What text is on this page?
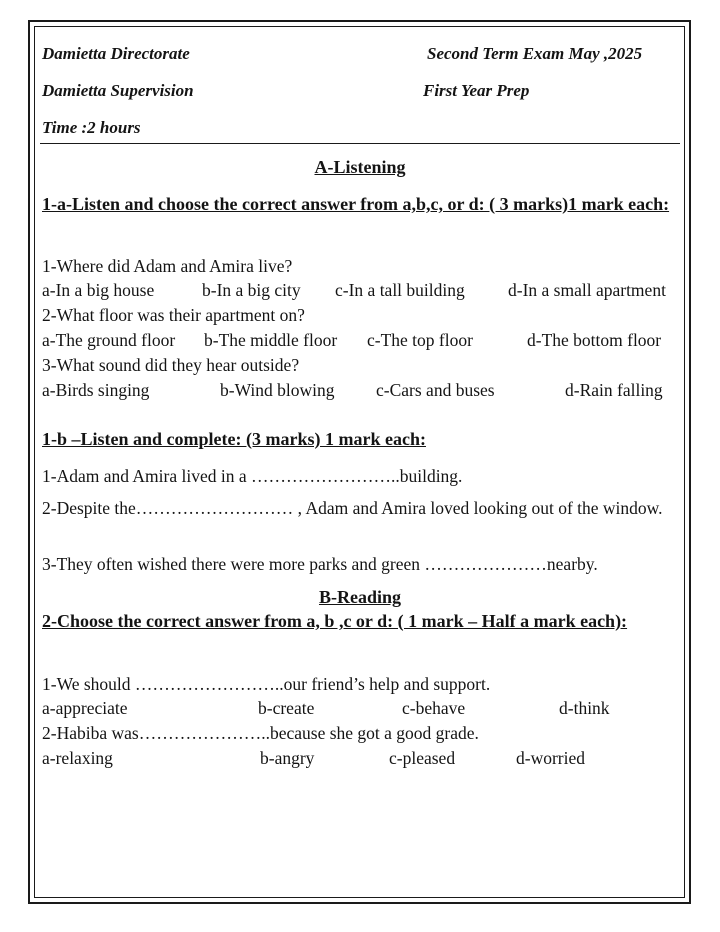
Damietta Directorate	Second Term Exam May ,2025
Damietta Supervision	First Year Prep
Time :2 hours
A-Listening
1-a-Listen and choose the correct answer from a,b,c, or d: ( 3 marks)1 mark each:
1-Where did Adam and Amira live?
a-In a big house	b-In a big city c-In a tall building d-In a small apartment
2-What floor was their apartment on?
a-The ground floor b-The middle floor c-The top floor	d-The bottom floor
3-What sound did they hear outside?
a-Birds singing	b-Wind blowing c-Cars and buses	d-Rain falling
1-b –Listen and complete: (3 marks) 1 mark each:
1-Adam and Amira lived in a ……………………..building.
2-Despite the……………………… , Adam and Amira loved looking out of the window.
3-They often wished there were more parks and green …………………nearby.
B-Reading
2-Choose the correct answer from a, b ,c or d: ( 1 mark – Half a mark each):
1-We should ……………………..our friend’s help and support.
a-appreciate	b-create	c-behave	d-think
2-Habiba was…………………..because she got a good grade.
a-relaxing	b-angry	c-pleased	d-worried
